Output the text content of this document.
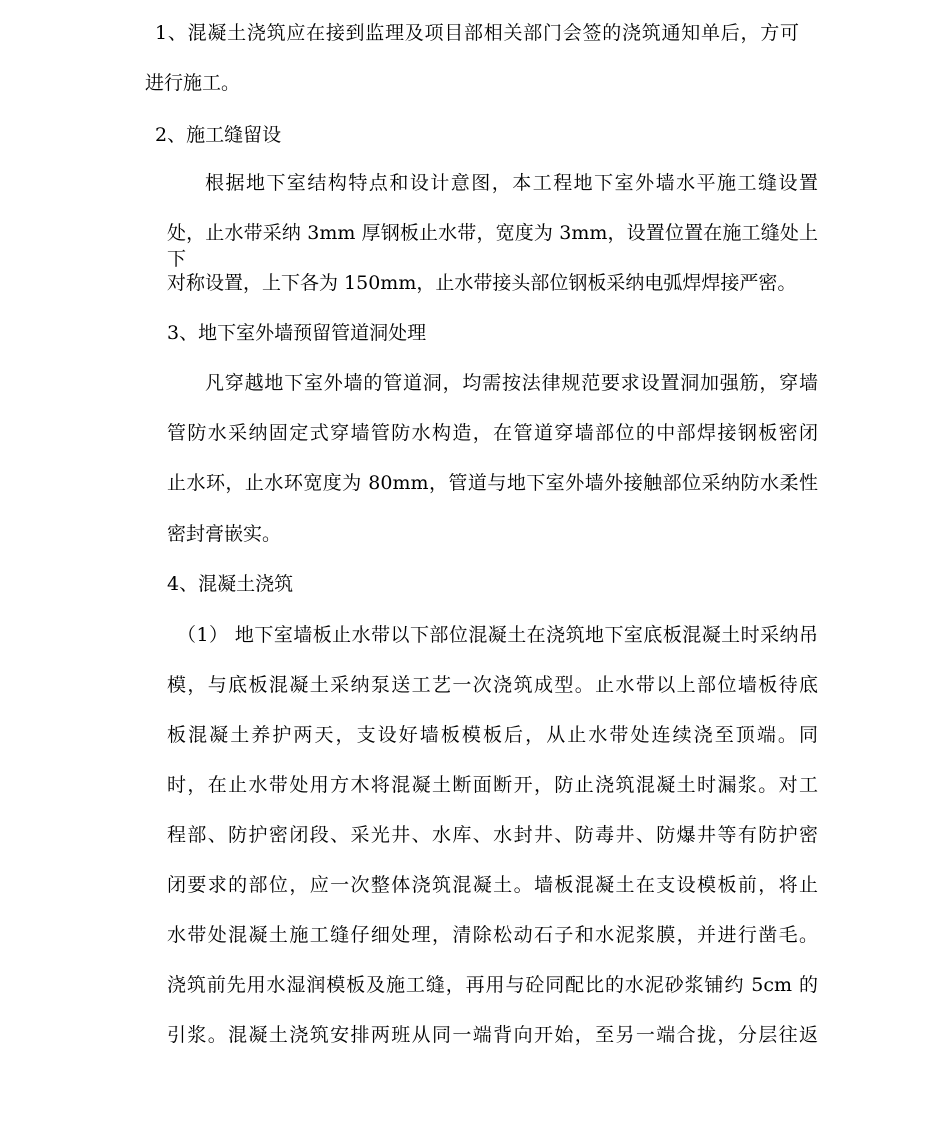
1、混凝土浇筑应在接到监理及项目部相关部门会签的浇筑通知单后，方可

进行施工。

2、施工缝留设

根据地下室结构特点和设计意图，本工程地下室外墙水平施工缝设置

处，止水带采纳 3mm 厚钢板止水带，宽度为 3mm，设置位置在施工缝处上下

对称设置，上下各为 150mm，止水带接头部位钢板采纳电弧焊焊接严密。

3、地下室外墙预留管道洞处理

凡穿越地下室外墙的管道洞，均需按法律规范要求设置洞加强筋，穿墙

管防水采纳固定式穿墙管防水构造，在管道穿墙部位的中部焊接钢板密闭

止水环，止水环宽度为 80mm，管道与地下室外墙外接触部位采纳防水柔性

密封膏嵌实。

4、混凝土浇筑

（1） 地下室墙板止水带以下部位混凝土在浇筑地下室底板混凝土时采纳吊

模，与底板混凝土采纳泵送工艺一次浇筑成型。止水带以上部位墙板待底

板混凝土养护两天，支设好墙板模板后，从止水带处连续浇至顶端。同

时，在止水带处用方木将混凝土断面断开，防止浇筑混凝土时漏浆。对工

程部、防护密闭段、采光井、水库、水封井、防毒井、防爆井等有防护密

闭要求的部位，应一次整体浇筑混凝土。墙板混凝土在支设模板前，将止

水带处混凝土施工缝仔细处理，清除松动石子和水泥浆膜，并进行凿毛。

浇筑前先用水湿润模板及施工缝，再用与砼同配比的水泥砂浆铺约 5cm 的

引浆。混凝土浇筑安排两班从同一端背向开始，至另一端合拢，分层往返
